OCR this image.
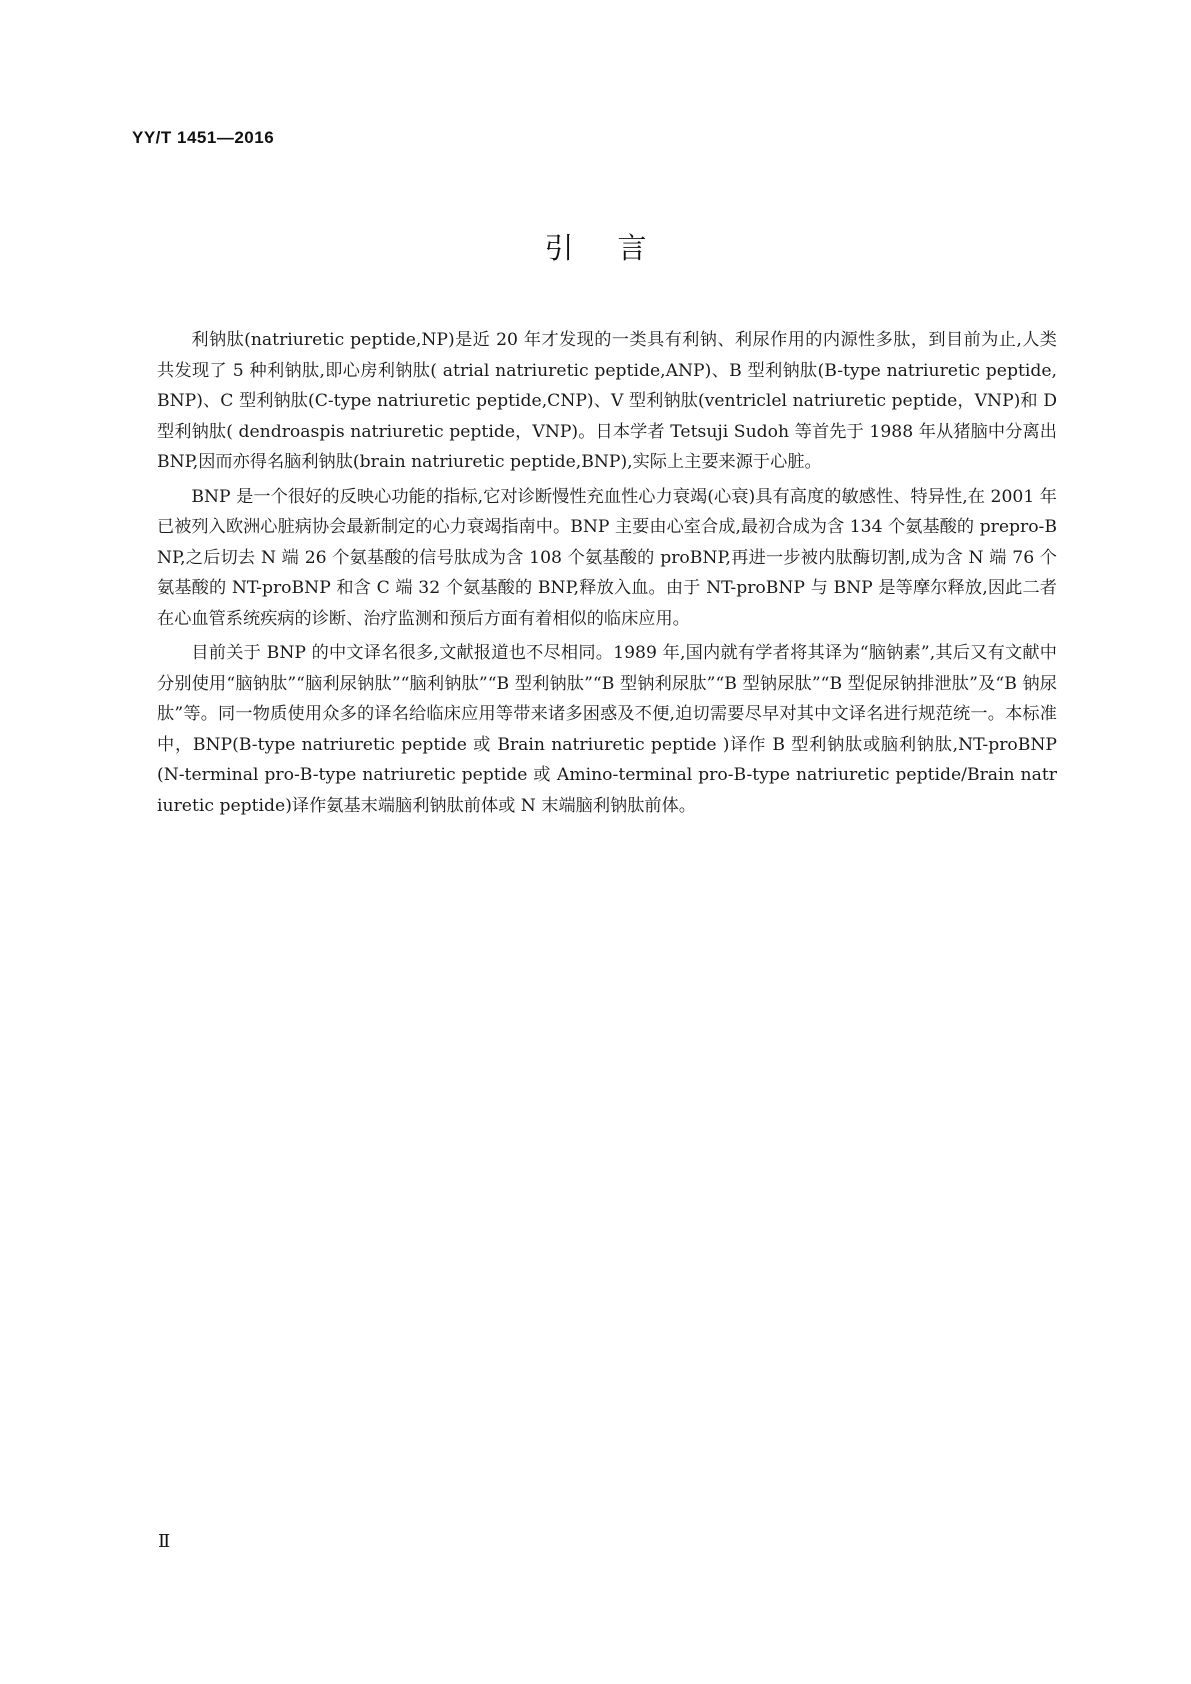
YY/T 1451—2016
引言

利钠肽(natriuretic peptide,NP)是近 20 年才发现的一类具有利钠、利尿作用的内源性多肽，到目前为止,人类共发现了 5 种利钠肽,即心房利钠肽( atrial natriuretic peptide,ANP)、B 型利钠肽(B-type natriuretic peptide,BNP)、C 型利钠肽(C-type natriuretic peptide,CNP)、V 型利钠肽(ventriclel natriuretic peptide，VNP)和 D 型利钠肽( dendroaspis natriuretic peptide，VNP)。日本学者 Tetsuji Sudoh 等首先于 1988 年从猪脑中分离出 BNP,因而亦得名脑利钠肽(brain natriuretic peptide,BNP),实际上主要来源于心脏。

BNP 是一个很好的反映心功能的指标,它对诊断慢性充血性心力衰竭(心衰)具有高度的敏感性、特异性,在 2001 年已被列入欧洲心脏病协会最新制定的心力衰竭指南中。BNP 主要由心室合成,最初合成为含 134 个氨基酸的 prepro-BNP,之后切去 N 端 26 个氨基酸的信号肽成为含 108 个氨基酸的 proBNP,再进一步被内肽酶切割,成为含 N 端 76 个氨基酸的 NT-proBNP 和含 C 端 32 个氨基酸的 BNP,释放入血。由于 NT-proBNP 与 BNP 是等摩尔释放,因此二者在心血管系统疾病的诊断、治疗监测和预后方面有着相似的临床应用。

目前关于 BNP 的中文译名很多,文献报道也不尽相同。1989 年,国内就有学者将其译为“脑钠素”,其后又有文献中分别使用“脑钠肽”“脑利尿钠肽”“脑利钠肽”“B 型利钠肽”“B 型钠利尿肽”“B 型钠尿肽”“B 型促尿钠排泄肽”及“B 钠尿肽”等。同一物质使用众多的译名给临床应用等带来诸多困惑及不便,迫切需要尽早对其中文译名进行规范统一。本标准中，BNP(B-type natriuretic peptide 或 Brain natriuretic peptide )译作 B 型利钠肽或脑利钠肽,NT-proBNP(N-terminal pro-B-type natriuretic peptide 或 Amino-terminal pro-B-type natriuretic peptide/Brain natriuretic peptide)译作氨基末端脑利钠肽前体或 N 末端脑利钠肽前体。

Ⅱ
